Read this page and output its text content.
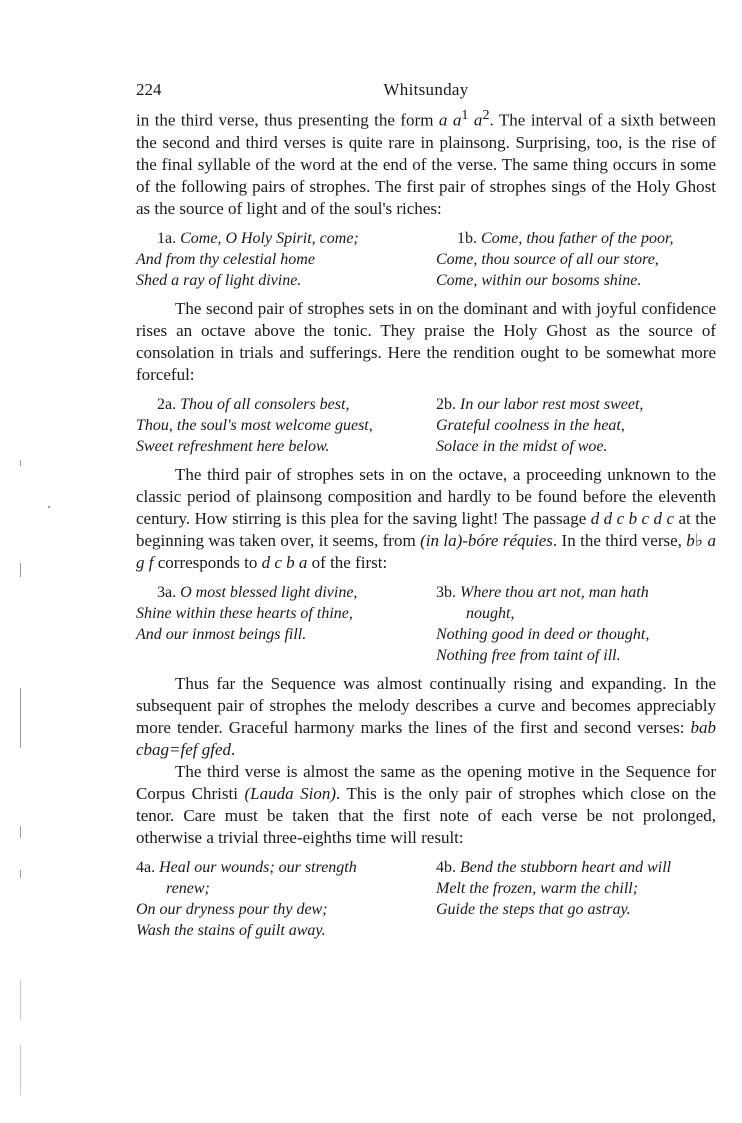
224	Whitsunday

in the third verse, thus presenting the form a $a^1$ $a^2$. The interval of a sixth between the second and third verses is quite rare in plainsong. Surprising, too, is the rise of the final syllable of the word at the end of the verse. The same thing occurs in some of the following pairs of strophes. The first pair of strophes sings of the Holy Ghost as the source of light and of the soul's riches:

1a. Come, O Holy Spirit, come;
And from thy celestial home
Shed a ray of light divine.
1b. Come, thou father of the poor,
Come, thou source of all our store,
Come, within our bosoms shine.

The second pair of strophes sets in on the dominant and with joyful confidence rises an octave above the tonic. They praise the Holy Ghost as the source of consolation in trials and sufferings. Here the rendition ought to be somewhat more forceful:

2a. Thou of all consolers best,
Thou, the soul's most welcome guest,
Sweet refreshment here below.
2b. In our labor rest most sweet,
Grateful coolness in the heat,
Solace in the midst of woe.

The third pair of strophes sets in on the octave, a proceeding unknown to the classic period of plainsong composition and hardly to be found before the eleventh century. How stirring is this plea for the saving light! The passage d d c b c d c at the beginning was taken over, it seems, from (in la)-bóre réquies. In the third verse, b♭ a g f corresponds to d c b a of the first:

3a. O most blessed light divine,
Shine within these hearts of thine,
And our inmost beings fill.
3b. Where thou art not, man hath
nought,
Nothing good in deed or thought,
Nothing free from taint of ill.

Thus far the Sequence was almost continually rising and expanding. In the subsequent pair of strophes the melody describes a curve and becomes appreciably more tender. Graceful harmony marks the lines of the first and second verses: bab cbag=fef gfed.

The third verse is almost the same as the opening motive in the Sequence for Corpus Christi (Lauda Sion). This is the only pair of strophes which close on the tenor. Care must be taken that the first note of each verse be not prolonged, otherwise a trivial three-eighths time will result:

4a. Heal our wounds; our strength
renew;
On our dryness pour thy dew;
Wash the stains of guilt away.
4b. Bend the stubborn heart and will
Melt the frozen, warm the chill;
Guide the steps that go astray.
